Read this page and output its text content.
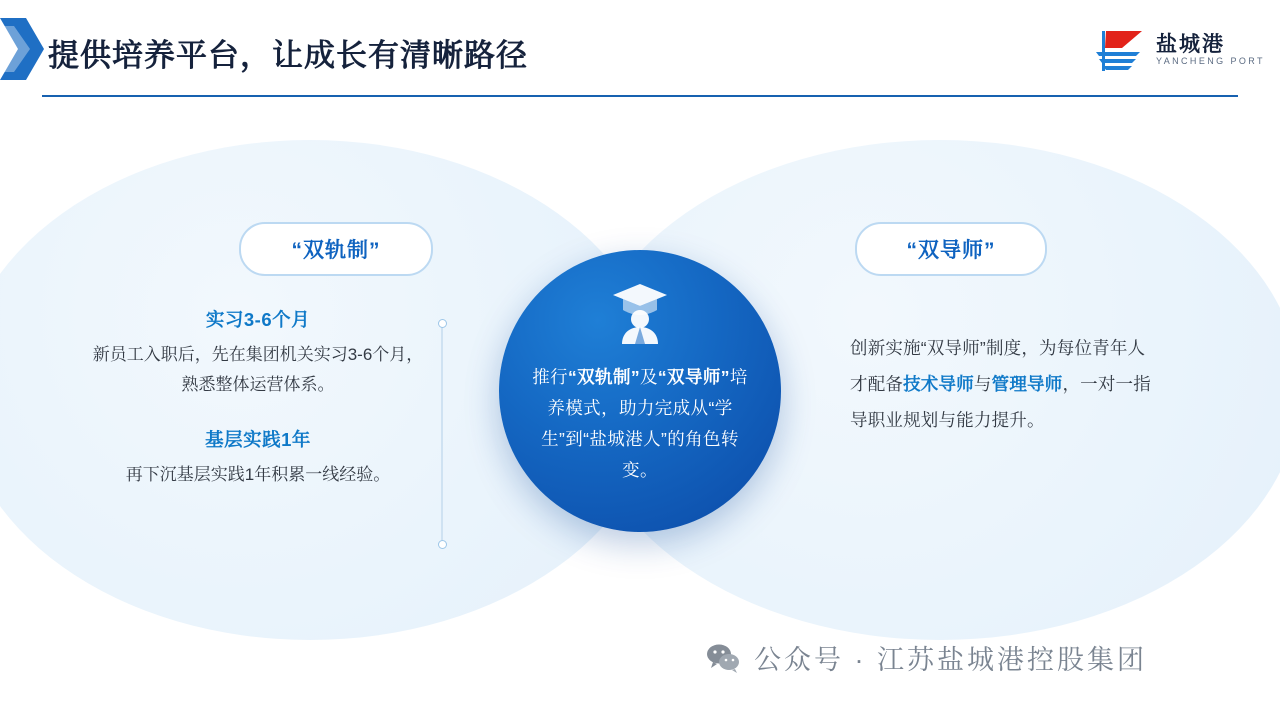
提供培养平台，让成长有清晰路径	盐城港
YANCHENG PORT
“双轨制”	“双导师”
实习3-6个月
新员工入职后，先在集团机关实习3-6个月，熟悉整体运营体系。
基层实践1年
再下沉基层实践1年积累一线经验。
推行“双轨制”及“双导师”培养模式，助力完成从“学生”到“盐城港人”的角色转变。
创新实施“双导师”制度，为每位青年人才配备技术导师与管理导师，一对一指导职业规划与能力提升。
公众号 · 江苏盐城港控股集团
